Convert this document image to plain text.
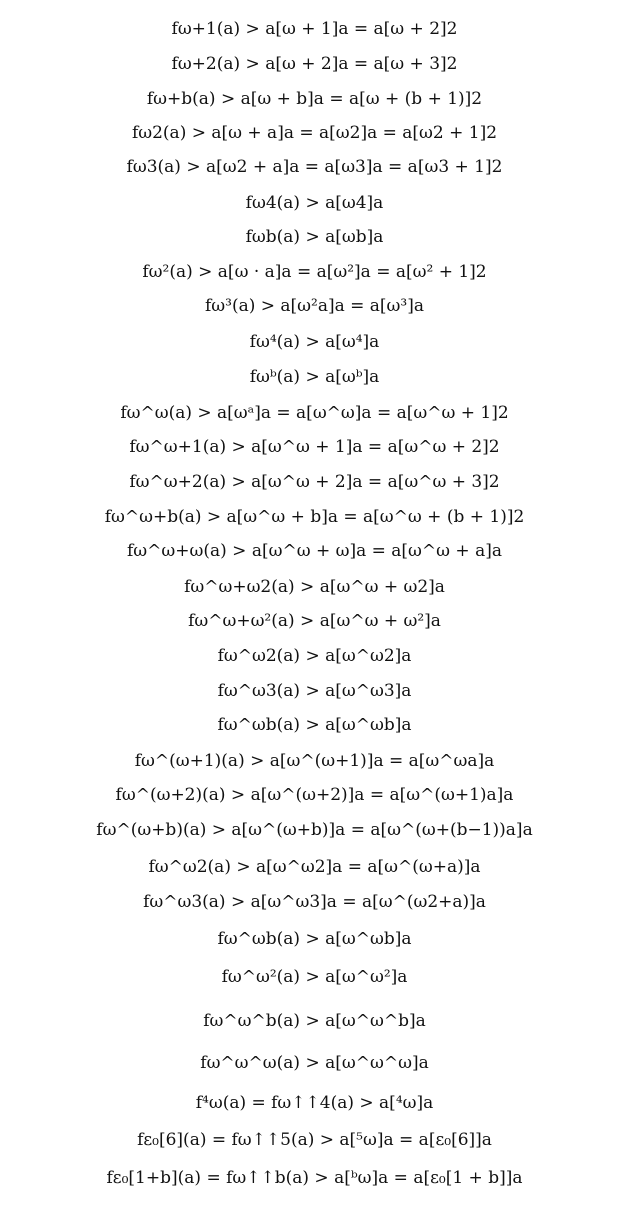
fω+1(a) > a[ω + 1]a = a[ω + 2]2
fω+2(a) > a[ω + 2]a = a[ω + 3]2
fω+b(a) > a[ω + b]a = a[ω + (b + 1)]2
fω2(a) > a[ω + a]a = a[ω2]a = a[ω2 + 1]2
fω3(a) > a[ω2 + a]a = a[ω3]a = a[ω3 + 1]2
fω4(a) > a[ω4]a
fωb(a) > a[ωb]a
fω²(a) > a[ω · a]a = a[ω²]a = a[ω² + 1]2
fω³(a) > a[ω²a]a = a[ω³]a
fω⁴(a) > a[ω⁴]a
fωᵇ(a) > a[ωᵇ]a
fω^ω(a) > a[ωᵃ]a = a[ω^ω]a = a[ω^ω + 1]2
fω^ω+1(a) > a[ω^ω + 1]a = a[ω^ω + 2]2
fω^ω+2(a) > a[ω^ω + 2]a = a[ω^ω + 3]2
fω^ω+b(a) > a[ω^ω + b]a = a[ω^ω + (b + 1)]2
fω^ω+ω(a) > a[ω^ω + ω]a = a[ω^ω + a]a
fω^ω+ω2(a) > a[ω^ω + ω2]a
fω^ω+ω²(a) > a[ω^ω + ω²]a
fω^ω2(a) > a[ω^ω2]a
fω^ω3(a) > a[ω^ω3]a
fω^ωb(a) > a[ω^ωb]a
fω^(ω+1)(a) > a[ω^(ω+1)]a = a[ω^ωa]a
fω^(ω+2)(a) > a[ω^(ω+2)]a = a[ω^(ω+1)a]a
fω^(ω+b)(a) > a[ω^(ω+b)]a = a[ω^(ω+(b−1))a]a
fω^ω2(a) > a[ω^ω2]a = a[ω^(ω+a)]a
fω^ω3(a) > a[ω^ω3]a = a[ω^(ω2+a)]a
fω^ωb(a) > a[ω^ωb]a
fω^ω²(a) > a[ω^ω²]a
fω^ω^b(a) > a[ω^ω^b]a
fω^ω^ω(a) > a[ω^ω^ω]a
f⁴ω(a) = fω↑↑4(a) > a[⁴ω]a
fε₀[6](a) = fω↑↑5(a) > a[⁵ω]a = a[ε₀[6]]a
fε₀[1+b](a) = fω↑↑b(a) > a[ᵇω]a = a[ε₀[1 + b]]a
